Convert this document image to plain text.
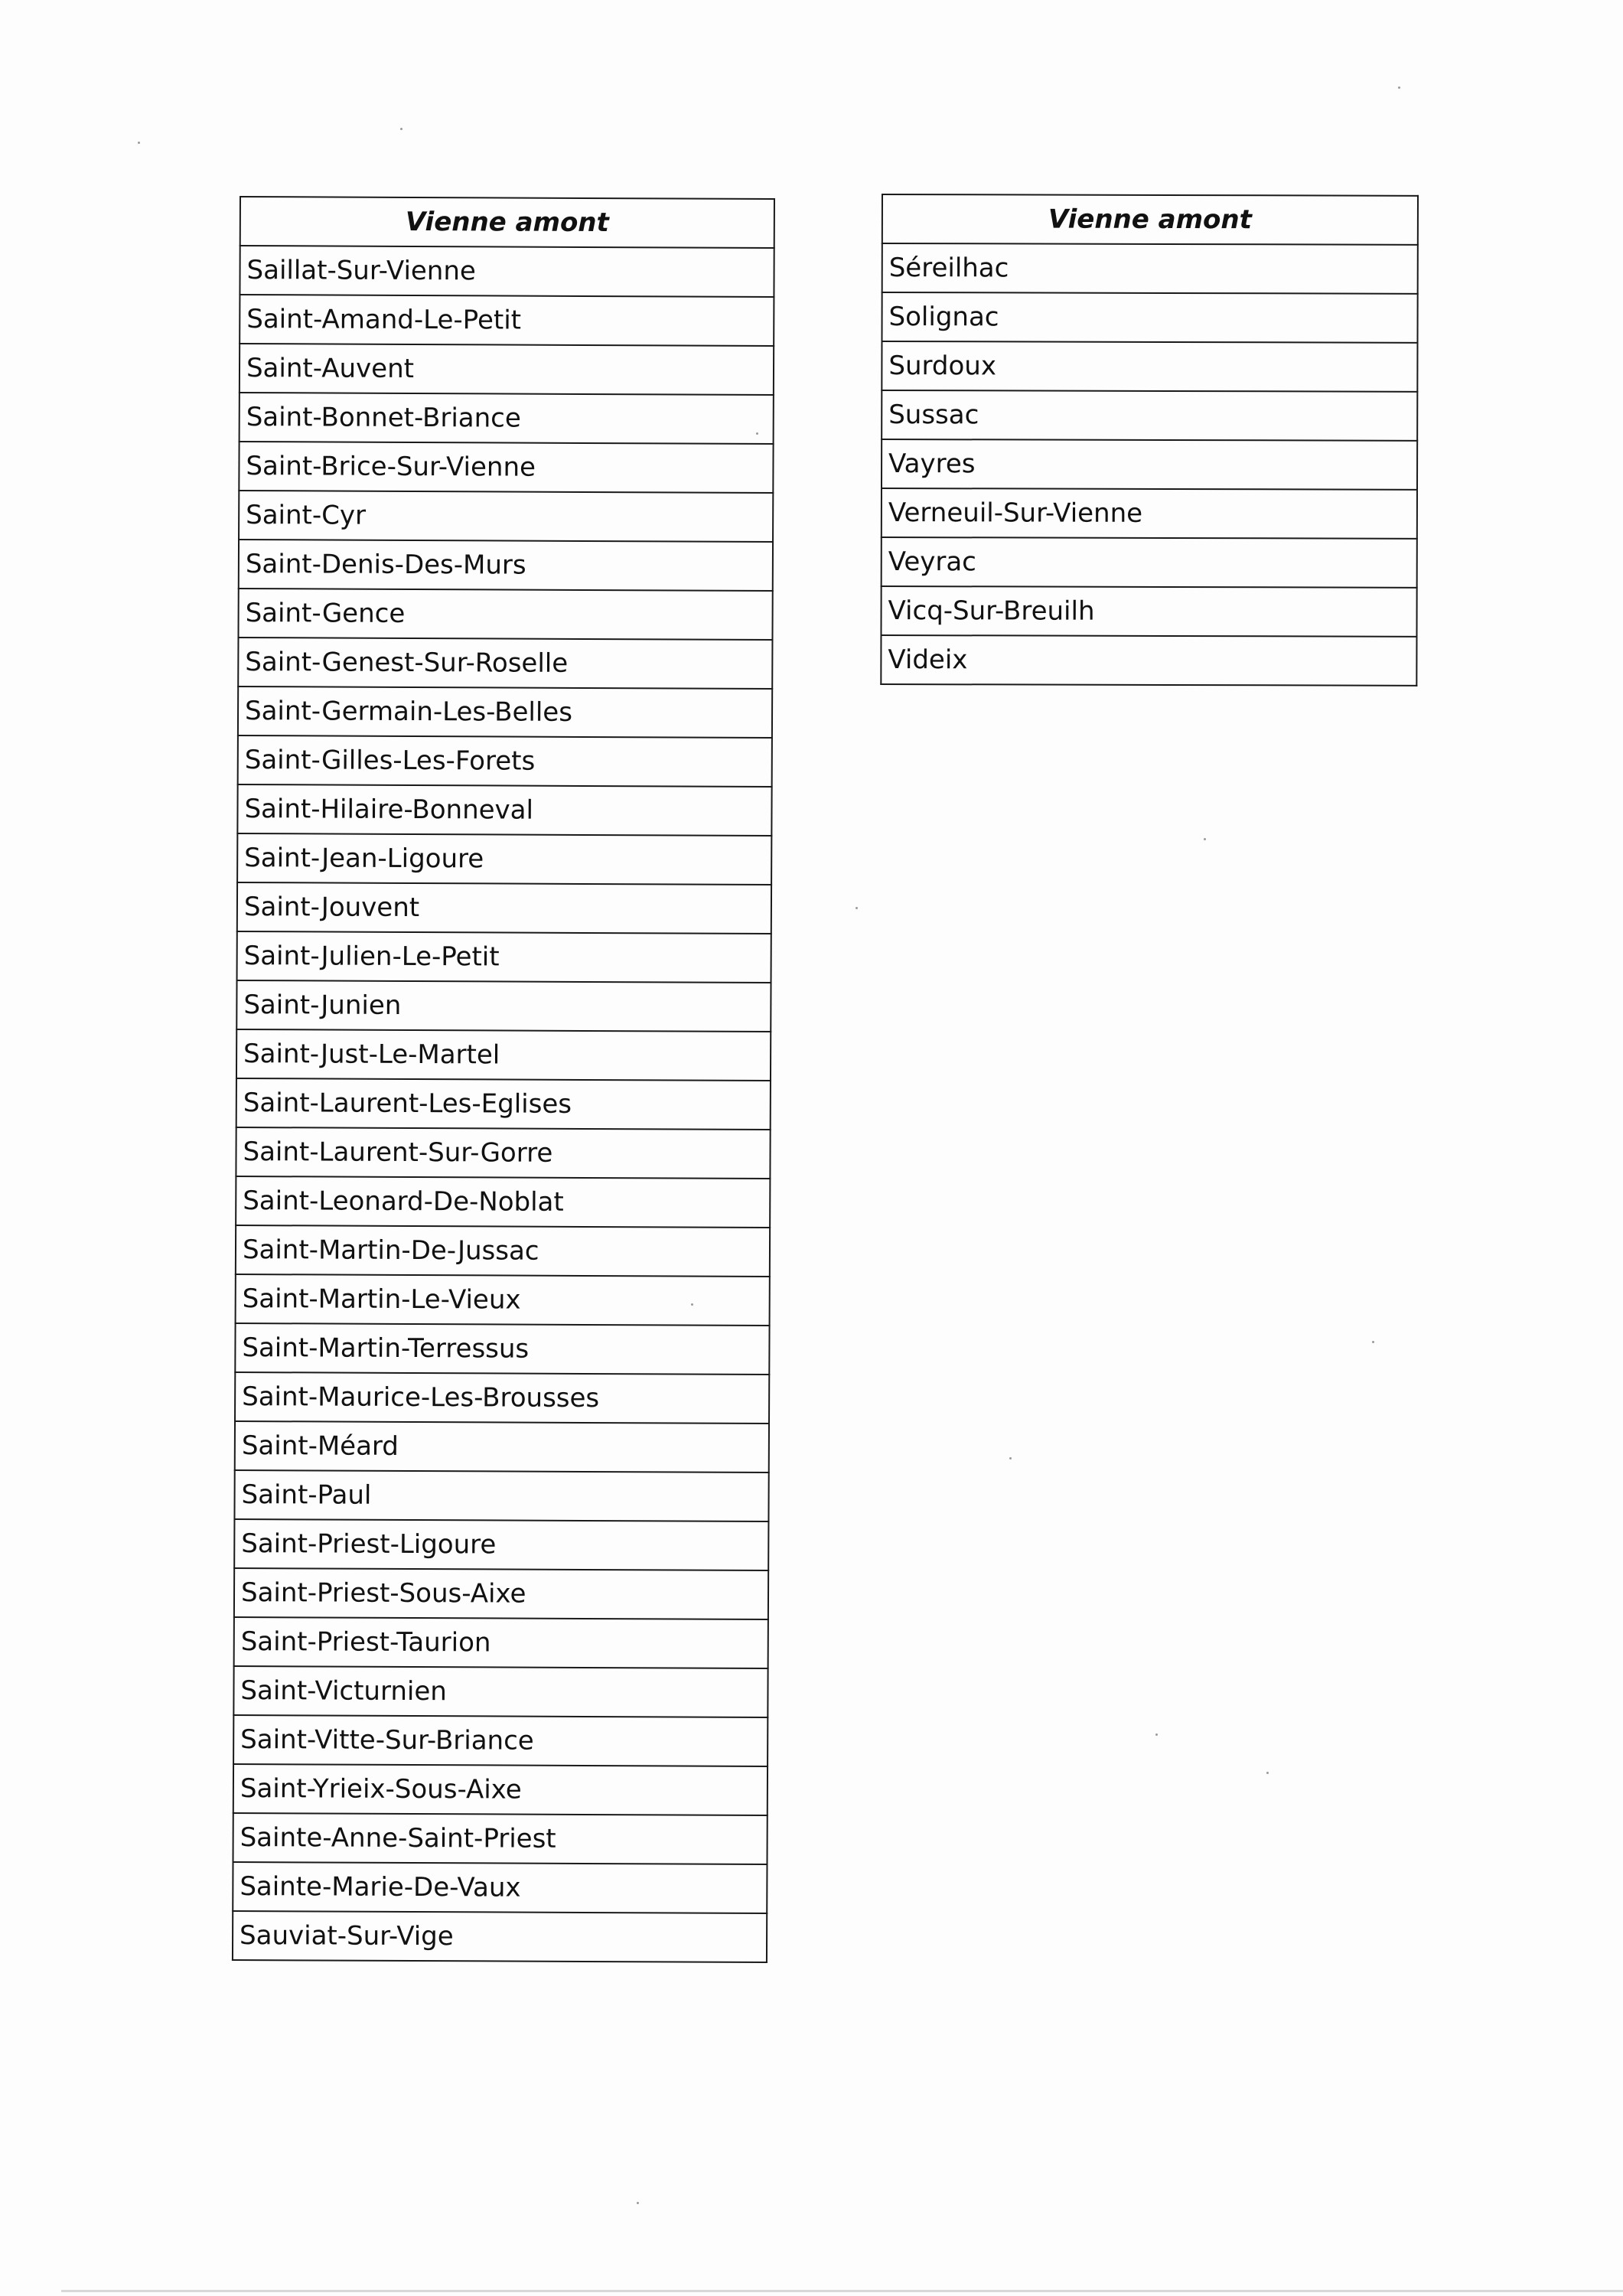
Vienne amont
Saillat-Sur-Vienne
Saint-Amand-Le-Petit
Saint-Auvent
Saint-Bonnet-Briance
Saint-Brice-Sur-Vienne
Saint-Cyr
Saint-Denis-Des-Murs
Saint-Gence
Saint-Genest-Sur-Roselle
Saint-Germain-Les-Belles
Saint-Gilles-Les-Forets
Saint-Hilaire-Bonneval
Saint-Jean-Ligoure
Saint-Jouvent
Saint-Julien-Le-Petit
Saint-Junien
Saint-Just-Le-Martel
Saint-Laurent-Les-Eglises
Saint-Laurent-Sur-Gorre
Saint-Leonard-De-Noblat
Saint-Martin-De-Jussac
Saint-Martin-Le-Vieux
Saint-Martin-Terressus
Saint-Maurice-Les-Brousses
Saint-Méard
Saint-Paul
Saint-Priest-Ligoure
Saint-Priest-Sous-Aixe
Saint-Priest-Taurion
Saint-Victurnien
Saint-Vitte-Sur-Briance
Saint-Yrieix-Sous-Aixe
Sainte-Anne-Saint-Priest
Sainte-Marie-De-Vaux
Sauviat-Sur-Vige
Vienne amont
Séreilhac
Solignac
Surdoux
Sussac
Vayres
Verneuil-Sur-Vienne
Veyrac
Vicq-Sur-Breuilh
Videix
